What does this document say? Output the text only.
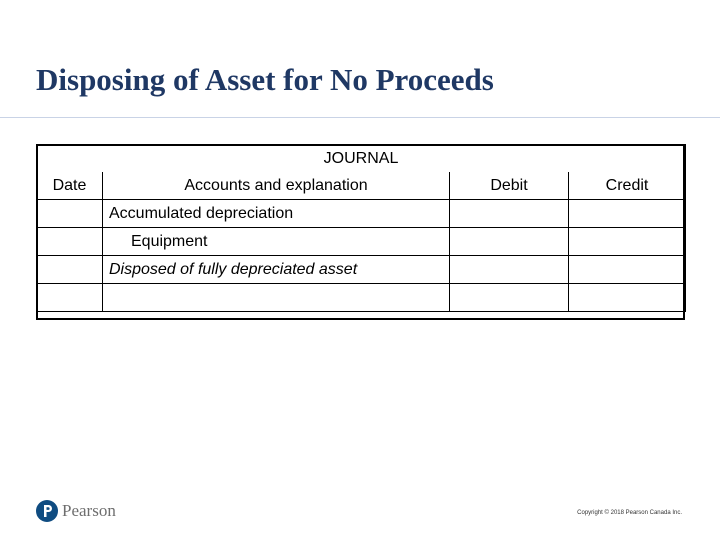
Disposing of Asset for No Proceeds
JOURNAL			
Date	Accounts and explanation	Debit	Credit
	Accumulated depreciation		
	Equipment		
	Disposed of fully depreciated asset		

Pearson	Copyright © 2018 Pearson Canada Inc.
